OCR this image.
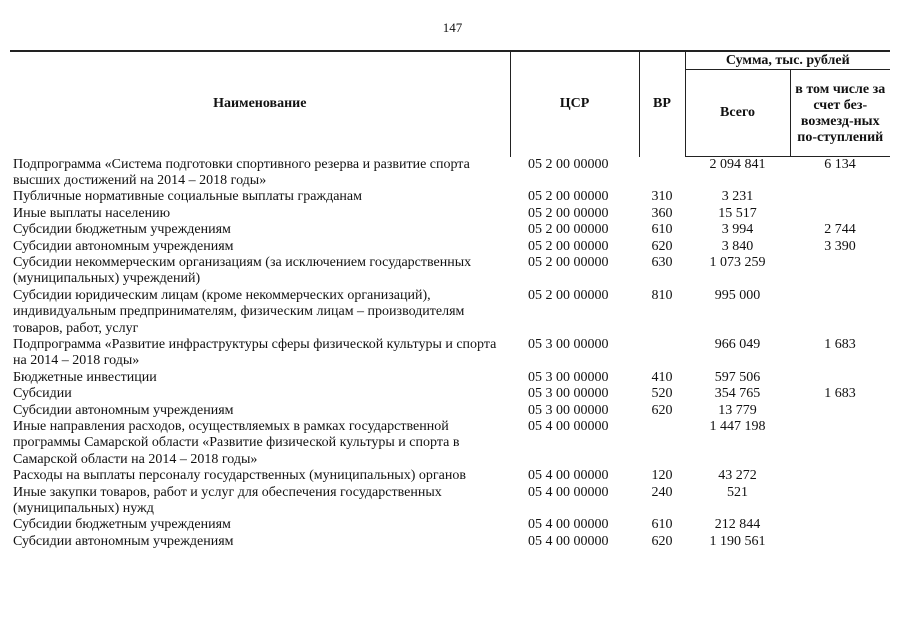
147
Наименование	ЦСР	ВР	Сумма, тыс. рублей	
			Всего	в том числе за счет без-возмезд-ных по-ступлений
Подпрограмма «Система подготовки спортивного резерва и развитие спорта высших достижений на 2014 – 2018 годы»	05 2 00 00000		2 094 841	6 134
Публичные нормативные социальные выплаты гражданам	05 2 00 00000	310	3 231	
Иные выплаты населению	05 2 00 00000	360	15 517	
Субсидии бюджетным учреждениям	05 2 00 00000	610	3 994	2 744
Субсидии автономным учреждениям	05 2 00 00000	620	3 840	3 390
Субсидии некоммерческим организациям (за исключением государственных (муниципальных) учреждений)	05 2 00 00000	630	1 073 259	
Субсидии юридическим лицам (кроме некоммерческих организаций), индивидуальным предпринимателям, физическим лицам – производителям товаров, работ, услуг	05 2 00 00000	810	995 000	
Подпрограмма «Развитие инфраструктуры сферы физической культуры и спорта на 2014 – 2018 годы»	05 3 00 00000		966 049	1 683
Бюджетные инвестиции	05 3 00 00000	410	597 506	
Субсидии	05 3 00 00000	520	354 765	1 683
Субсидии автономным учреждениям	05 3 00 00000	620	13 779	
Иные направления расходов, осуществляемых в рамках государственной программы Самарской области «Развитие физической культуры и спорта в Самарской области на 2014 – 2018 годы»	05 4 00 00000		1 447 198	
Расходы на выплаты персоналу государственных (муниципальных) органов	05 4 00 00000	120	43 272	
Иные закупки товаров, работ и услуг для обеспечения государственных (муниципальных) нужд	05 4 00 00000	240	521	
Субсидии бюджетным учреждениям	05 4 00 00000	610	212 844	
Субсидии автономным учреждениям	05 4 00 00000	620	1 190 561	
